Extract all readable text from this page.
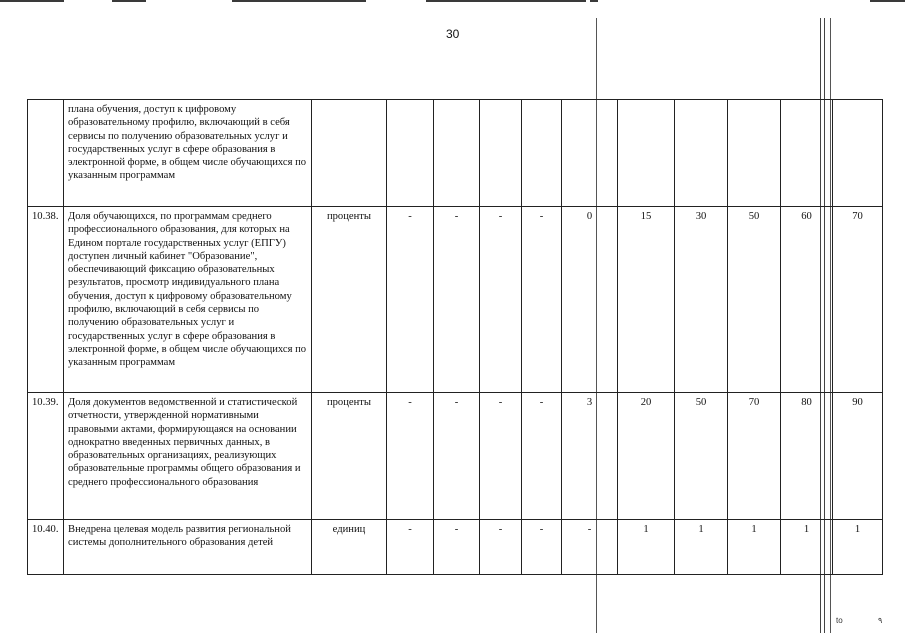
30
	плана обучения, доступ к цифровому образовательному профилю, включающий в себя сервисы по получению образовательных услуг и государственных услуг в сфере образования в электронной форме, в общем числе обучающихся по указанным программам											
10.38.	Доля обучающихся, по программам среднего профессионального образования, для которых на Едином портале государственных услуг (ЕПГУ) доступен личный кабинет "Образование", обеспечивающий фиксацию образовательных результатов, просмотр индивидуального плана обучения, доступ к цифровому образовательному профилю, включающий в себя сервисы по получению образовательных услуг и государственных услуг в сфере образования в электронной форме, в общем числе обучающихся по указанным программам	проценты	-	-	-	-	0	15	30	50	60	70
10.39.	Доля документов ведомственной и статистической отчетности, утвержденной нормативными правовыми актами, формирующаяся на основании однократно введенных первичных данных, в образовательных организациях, реализующих образовательные программы общего образования и среднего профессионального образования	проценты	-	-	-	-	3	20	50	70	80	90
10.40.	Внедрена целевая модель развития региональной системы дополнительного образования детей	единиц	-	-	-	-	-	1	1	1	1	1
to	٩
